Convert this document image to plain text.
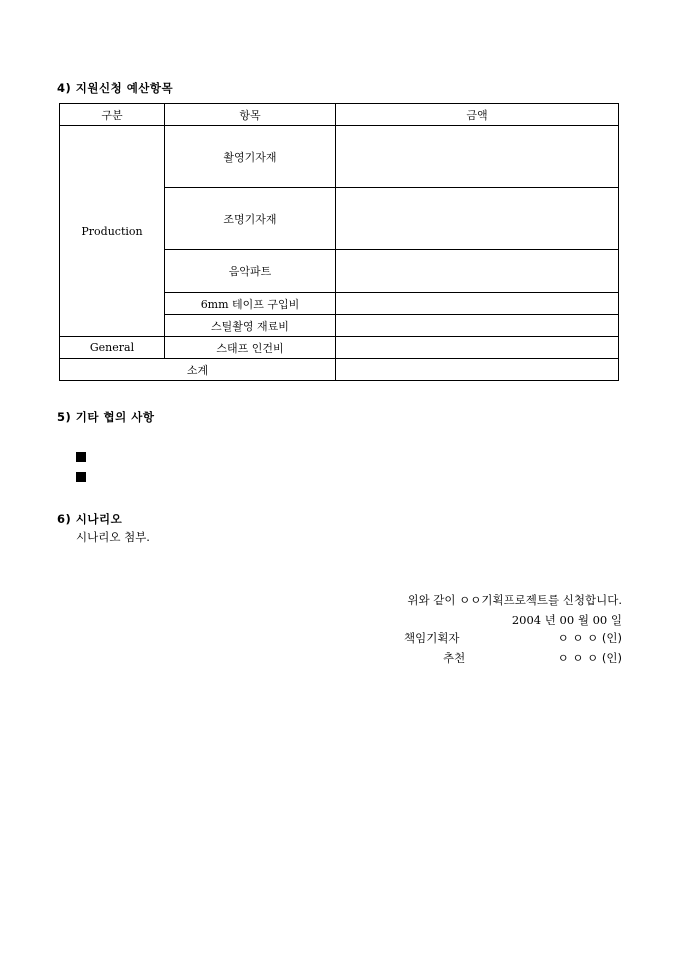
4) 지원신청 예산항목
구분	항목	금액
Production	촬영기자재	
	조명기자재	
	음악파트	
	6mm 테이프 구입비	
	스틸촬영 재료비	
General	스태프 인건비	
소계		
5) 기타 협의 사항
6) 시나리오
시나리오 첨부.
위와 같이 ㅇㅇ기획프로젝트를 신청합니다.
2004 년 00 월 00 일
책임기획자	ㅇ ㅇ ㅇ (인)
추천	ㅇ ㅇ ㅇ (인)
